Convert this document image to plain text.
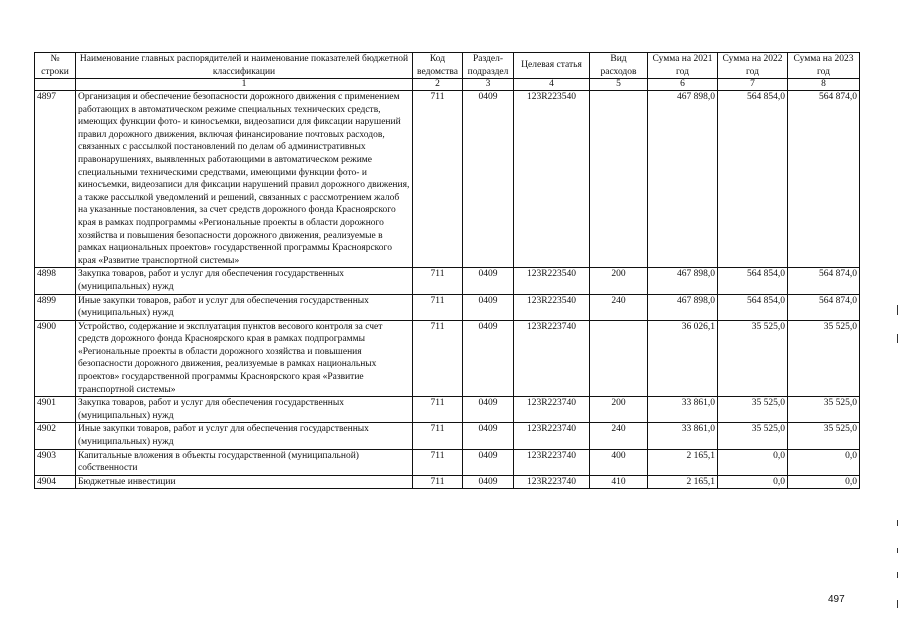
№ строки	Наименование главных распорядителей и наименование показателей бюджетной классификации	Код ведомства	Раздел-подраздел	Целевая статья	Вид расходов	Сумма на 2021 год	Сумма на 2022 год	Сумма на 2023 год
	1	2	3	4	5	6	7	8
4897	Организация и обеспечение безопасности дорожного движения с применением работающих в автоматическом режиме специальных технических средств, имеющих функции фото- и киносъемки, видеозаписи для фиксации нарушений правил дорожного движения, включая финансирование почтовых расходов, связанных с рассылкой постановлений по делам об административных правонарушениях, выявленных работающими в автоматическом режиме специальными техническими средствами, имеющими функции фото- и киносъемки, видеозаписи для фиксации нарушений правил дорожного движения, а также рассылкой уведомлений и решений, связанных с рассмотрением жалоб на указанные постановления, за счет средств дорожного фонда Красноярского края в рамках подпрограммы «Региональные проекты в области дорожного хозяйства и повышения безопасности дорожного движения, реализуемые в рамках национальных проектов» государственной программы Красноярского края «Развитие транспортной системы»	711	0409	123R223540		467 898,0	564 854,0	564 874,0
4898	Закупка товаров, работ и услуг для обеспечения государственных (муниципальных) нужд	711	0409	123R223540	200	467 898,0	564 854,0	564 874,0
4899	Иные закупки товаров, работ и услуг для обеспечения государственных (муниципальных) нужд	711	0409	123R223540	240	467 898,0	564 854,0	564 874,0
4900	Устройство, содержание и эксплуатация пунктов весового контроля за счет средств дорожного фонда Красноярского края в рамках подпрограммы «Региональные проекты в области дорожного хозяйства и повышения безопасности дорожного движения, реализуемые в рамках национальных проектов» государственной программы Красноярского края «Развитие транспортной системы»	711	0409	123R223740		36 026,1	35 525,0	35 525,0
4901	Закупка товаров, работ и услуг для обеспечения государственных (муниципальных) нужд	711	0409	123R223740	200	33 861,0	35 525,0	35 525,0
4902	Иные закупки товаров, работ и услуг для обеспечения государственных (муниципальных) нужд	711	0409	123R223740	240	33 861,0	35 525,0	35 525,0
4903	Капитальные вложения в объекты государственной (муниципальной) собственности	711	0409	123R223740	400	2 165,1	0,0	0,0
4904	Бюджетные инвестиции	711	0409	123R223740	410	2 165,1	0,0	0,0
497
